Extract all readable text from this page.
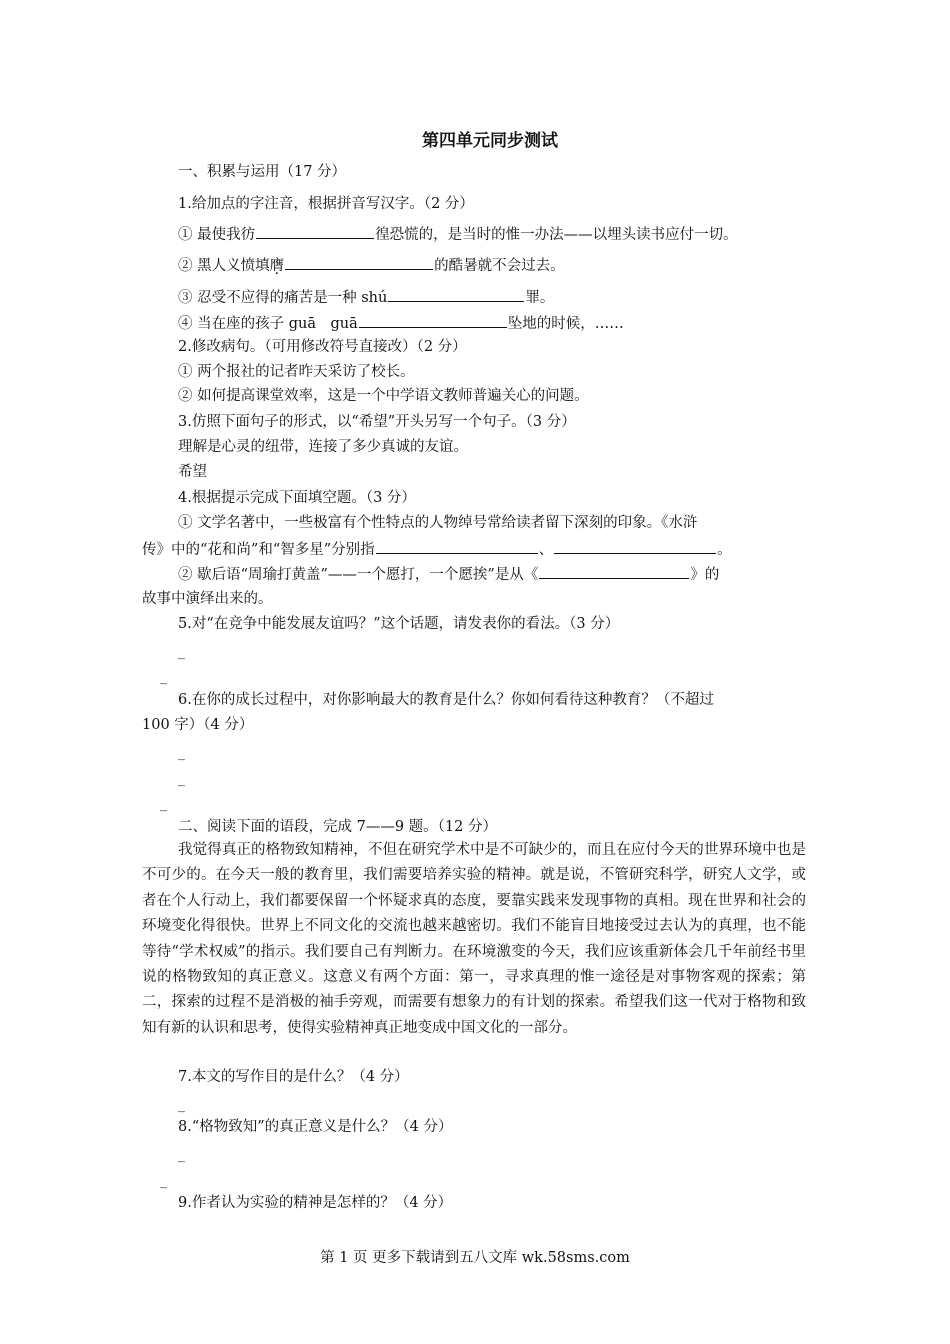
第四单元同步测试
一、积累与运用（17 分）
1.给加点的字注音，根据拼音写汉字。（2 分）
① 最使我彷	徨恐慌的，是当时的惟一办法——以埋头读书应付一切。
② 黑人义愤填膺	的酷暑就不会过去。
③ 忍受不应得的痛苦是一种 shú	罪。
④ 当在座的孩子 guā　guā	坠地的时候，……
2.修改病句。（可用修改符号直接改）（2 分）
① 两个报社的记者昨天采访了校长。
② 如何提高课堂效率，这是一个中学语文教师普遍关心的问题。
3.仿照下面句子的形式，以“希望”开头另写一个句子。（3 分）
理解是心灵的纽带，连接了多少真诚的友谊。
希望
4.根据提示完成下面填空题。（3 分）
① 文学名著中，一些极富有个性特点的人物绰号常给读者留下深刻的印象。《水浒
传》中的“花和尚”和“智多星”分别指	、	。
② 歇后语“周瑜打黄盖”——一个愿打，一个愿挨”是从《	》的
故事中演绎出来的。
5.对“在竞争中能发展友谊吗？”这个话题，请发表你的看法。（3 分）
_
_
6.在你的成长过程中，对你影响最大的教育是什么？你如何看待这种教育？（不超过
100 字）（4 分）
_
_
_
二、阅读下面的语段，完成 7——9 题。（12 分）
我觉得真正的格物致知精神，不但在研究学术中是不可缺少的，而且在应付今天的世界环境中也是不可少的。在今天一般的教育里，我们需要培养实验的精神。就是说，不管研究科学，研究人文学，或者在个人行动上，我们都要保留一个怀疑求真的态度，要靠实践来发现事物的真相。现在世界和社会的环境变化得很快。世界上不同文化的交流也越来越密切。我们不能盲目地接受过去认为的真理，也不能等待“学术权威”的指示。我们要自己有判断力。在环境激变的今天，我们应该重新体会几千年前经书里说的格物致知的真正意义。这意义有两个方面：第一，寻求真理的惟一途径是对事物客观的探索；第二，探索的过程不是消极的袖手旁观，而需要有想象力的有计划的探索。希望我们这一代对于格物和致知有新的认识和思考，使得实验精神真正地变成中国文化的一部分。
7.本文的写作目的是什么？（4 分）
_
8.“格物致知”的真正意义是什么？（4 分）
_
_
9.作者认为实验的精神是怎样的？（4 分）
第 1 页 更多下载请到五八文库 wk.58sms.com
